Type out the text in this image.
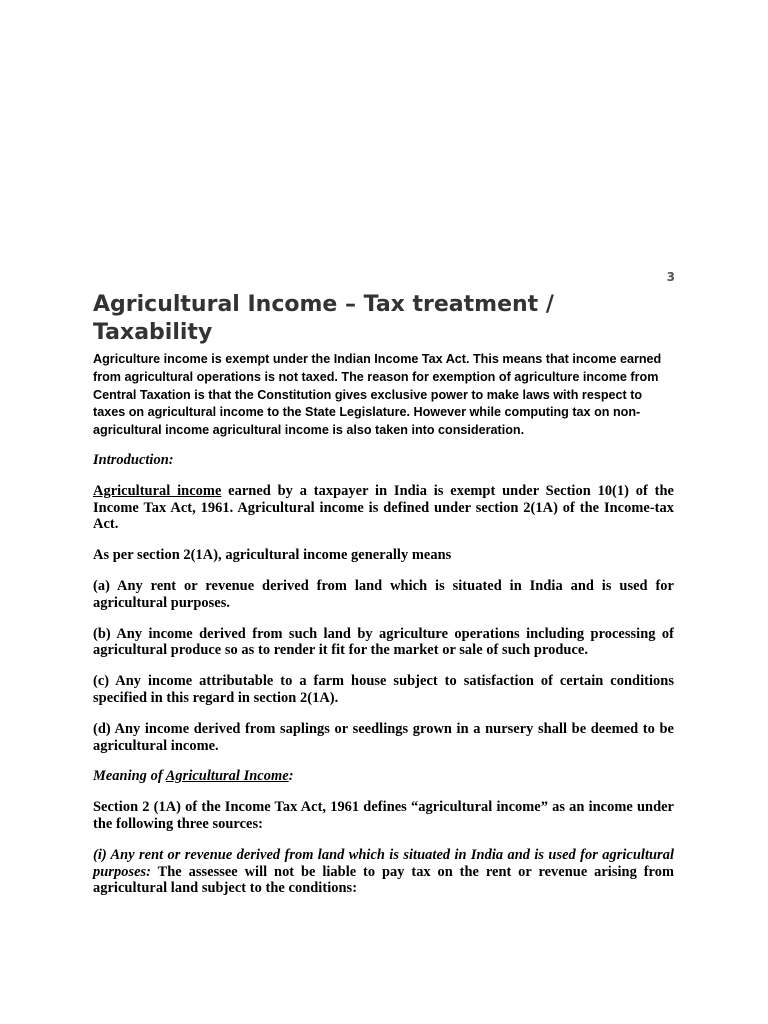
3
Agricultural Income – Tax treatment / Taxability

Agriculture income is exempt under the Indian Income Tax Act. This means that income earned from agricultural operations is not taxed. The reason for exemption of agriculture income from Central Taxation is that the Constitution gives exclusive power to make laws with respect to taxes on agricultural income to the State Legislature. However while computing tax on non-agricultural income agricultural income is also taken into consideration.

Introduction:

Agricultural income earned by a taxpayer in India is exempt under Section 10(1) of the Income Tax Act, 1961. Agricultural income is defined under section 2(1A) of the Income-tax Act.

As per section 2(1A), agricultural income generally means

(a) Any rent or revenue derived from land which is situated in India and is used for agricultural purposes.

(b) Any income derived from such land by agriculture operations including processing of agricultural produce so as to render it fit for the market or sale of such produce.

(c) Any income attributable to a farm house subject to satisfaction of certain conditions specified in this regard in section 2(1A).

(d) Any income derived from saplings or seedlings grown in a nursery shall be deemed to be agricultural income.

Meaning of Agricultural Income:

Section 2 (1A) of the Income Tax Act, 1961 defines “agricultural income” as an income under the following three sources:

(i) Any rent or revenue derived from land which is situated in India and is used for agricultural purposes: The assessee will not be liable to pay tax on the rent or revenue arising from agricultural land subject to the conditions:
